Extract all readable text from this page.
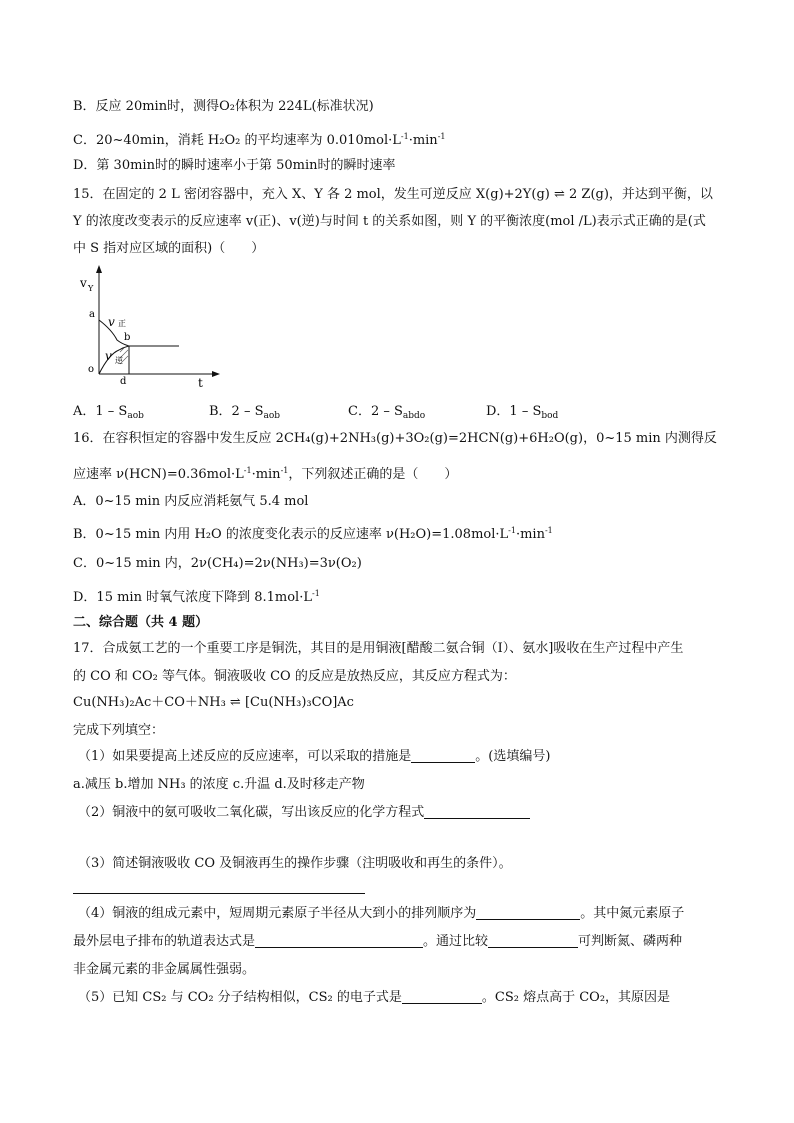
B．反应 20min时，测得O₂体积为 224L(标准状况)
C．20~40min，消耗 H₂O₂ 的平均速率为 $0.010mol\cdot L^{-1}\cdot\min^{-1}$
D．第 30min时的瞬时速率小于第 50min时的瞬时速率
15．在固定的 2 L 密闭容器中，充入 X、Y 各 2 mol，发生可逆反应 X(g)+2Y(g) ⇌ 2 Z(g)，并达到平衡，以
Y 的浓度改变表示的反应速率 v(正)、v(逆)与时间 t 的关系如图，则 Y 的平衡浓度(mol /L)表示式正确的是(式
中 S 指对应区域的面积)（　　）
v Y
a
v 正
b
v 逆
o
d	t
A．$1 - S_{aob}$	B．$2 - S_{aob}$	C．$2 - S_{abdo}$	D．$1 - S_{bod}$
16．在容积恒定的容器中发生反应 2CH₄(g)+2NH₃(g)+3O₂(g)=2HCN(g)+6H₂O(g)，0~15 min 内测得反
应速率 $\nu(HCN)=0.36mol\cdot L^{-1}\cdot\min^{-1}$，下列叙述正确的是（　　）
A．0~15 min 内反应消耗氨气 5.4 mol
B．0~15 min 内用 H₂O 的浓度变化表示的反应速率 $\nu(H_2O)=1.08mol\cdot L^{-1}\cdot\min^{-1}$
C．0~15 min 内，2ν(CH₄)=2ν(NH₃)=3ν(O₂)
D．15 min 时氧气浓度下降到 $8.1mol\cdot L^{-1}$
二、综合题（共 4 题）
17．合成氨工艺的一个重要工序是铜洗，其目的是用铜液[醋酸二氨合铜（I）、氨水]吸收在生产过程中产生
的 CO 和 CO₂ 等气体。铜液吸收 CO 的反应是放热反应，其反应方程式为：
Cu(NH₃)₂Ac＋CO＋NH₃ ⇌ [Cu(NH₃)₃CO]Ac
完成下列填空：
（1）如果要提高上述反应的反应速率，可以采取的措施是	。(选填编号)
a.减压 b.增加 NH₃ 的浓度 c.升温 d.及时移走产物
（2）铜液中的氨可吸收二氧化碳，写出该反应的化学方程式
（3）简述铜液吸收 CO 及铜液再生的操作步骤（注明吸收和再生的条件）。
（4）铜液的组成元素中，短周期元素原子半径从大到小的排列顺序为	。其中氮元素原子
最外层电子排布的轨道表达式是	。通过比较	可判断氮、磷两种
非金属元素的非金属属性强弱。
（5）已知 CS₂ 与 CO₂ 分子结构相似，CS₂ 的电子式是	。CS₂ 熔点高于 CO₂，其原因是
